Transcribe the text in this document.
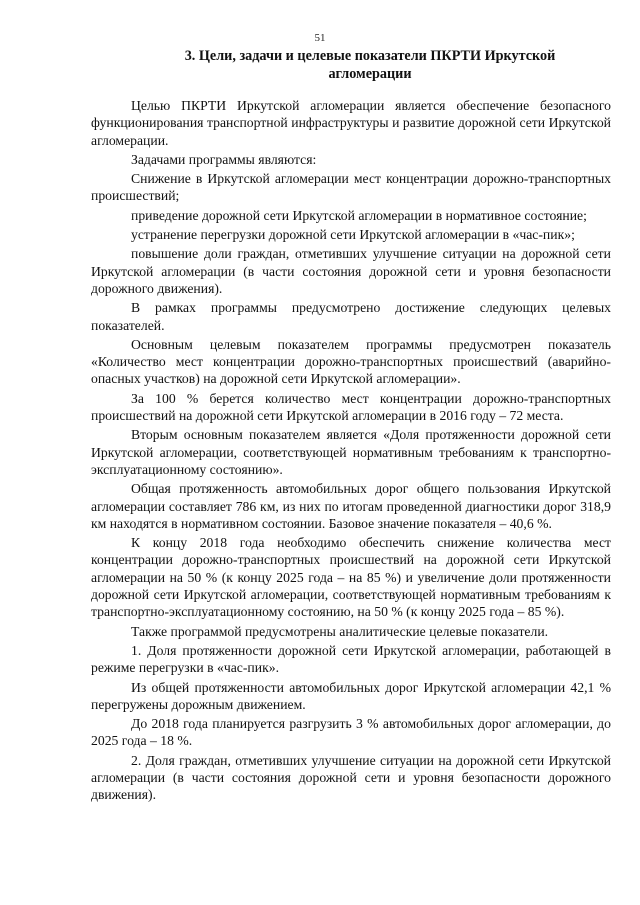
51
3. Цели, задачи и целевые показатели ПКРТИ Иркутской агломерации

Целью ПКРТИ Иркутской агломерации является обеспечение безопасного функционирования транспортной инфраструктуры и развитие дорожной сети Иркутской агломерации.

Задачами программы являются:

Снижение в Иркутской агломерации мест концентрации дорожно-транспортных происшествий;

приведение дорожной сети Иркутской агломерации в нормативное состояние;

устранение перегрузки дорожной сети Иркутской агломерации в «час-пик»;

повышение доли граждан, отметивших улучшение ситуации на дорожной сети Иркутской агломерации (в части состояния дорожной сети и уровня безопасности дорожного движения).

В рамках программы предусмотрено достижение следующих целевых показателей.

Основным целевым показателем программы предусмотрен показатель «Количество мест концентрации дорожно-транспортных происшествий (аварийно-опасных участков) на дорожной сети Иркутской агломерации».

За 100 % берется количество мест концентрации дорожно-транспортных происшествий на дорожной сети Иркутской агломерации в 2016 году – 72 места.

Вторым основным показателем является «Доля протяженности дорожной сети Иркутской агломерации, соответствующей нормативным требованиям к транспортно-эксплуатационному состоянию».

Общая протяженность автомобильных дорог общего пользования Иркутской агломерации составляет 786 км, из них по итогам проведенной диагностики дорог 318,9 км находятся в нормативном состоянии. Базовое значение показателя – 40,6 %.

К концу 2018 года необходимо обеспечить снижение количества мест концентрации дорожно-транспортных происшествий на дорожной сети Иркутской агломерации на 50 % (к концу 2025 года – на 85 %) и увеличение доли протяженности дорожной сети Иркутской агломерации, соответствующей нормативным требованиям к транспортно-эксплуатационному состоянию, на 50 % (к концу 2025 года – 85 %).

Также программой предусмотрены аналитические целевые показатели.

1. Доля протяженности дорожной сети Иркутской агломерации, работающей в режиме перегрузки в «час-пик».

Из общей протяженности автомобильных дорог Иркутской агломерации 42,1 % перегружены дорожным движением.

До 2018 года планируется разгрузить 3 % автомобильных дорог агломерации, до 2025 года – 18 %.

2. Доля граждан, отметивших улучшение ситуации на дорожной сети Иркутской агломерации (в части состояния дорожной сети и уровня безопасности дорожного движения).
